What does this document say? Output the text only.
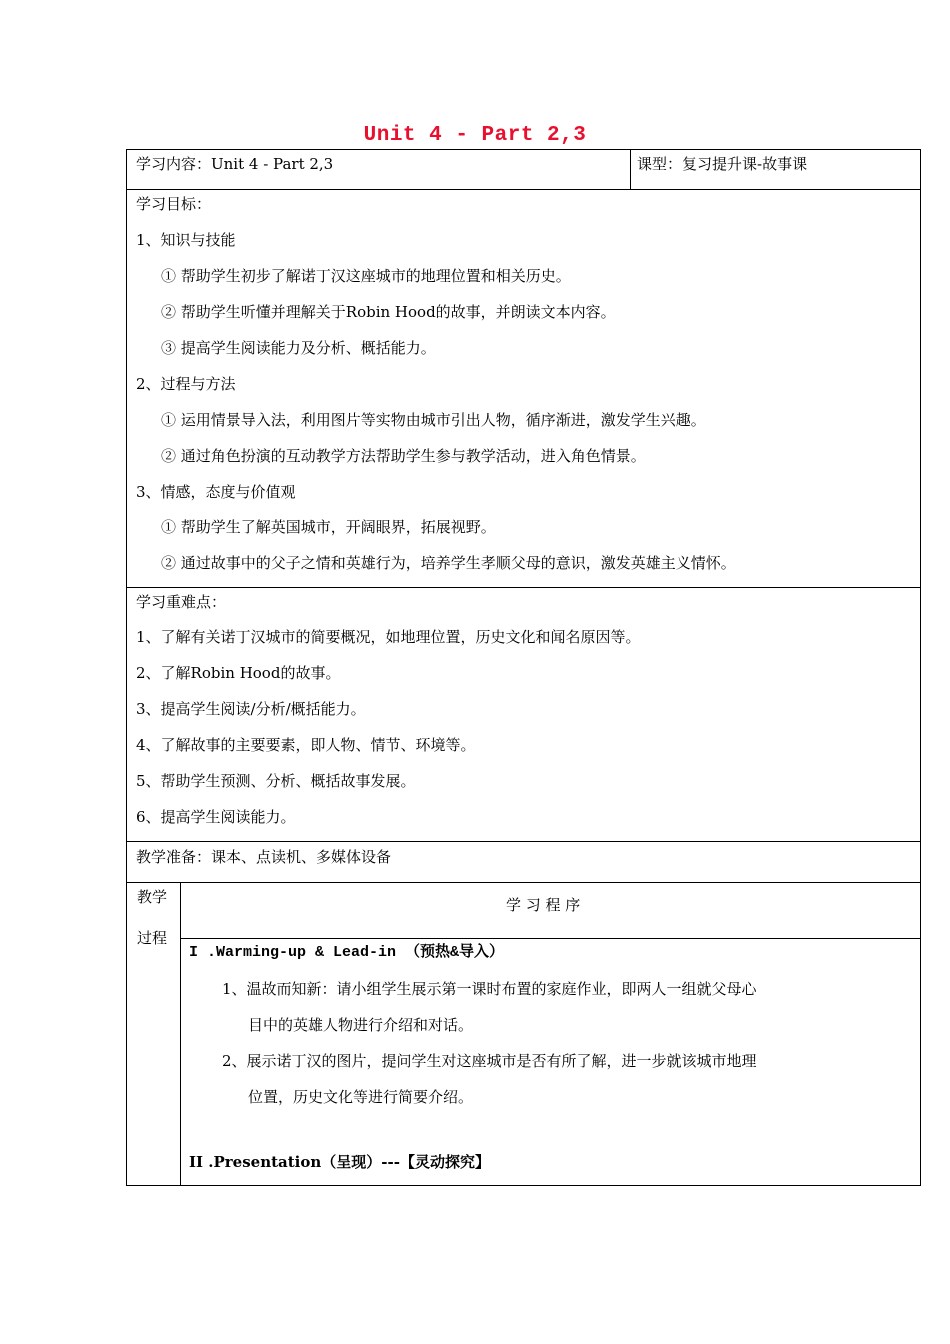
Unit 4 - Part 2,3
学习内容：Unit 4 - Part 2,3	课型：复习提升课-故事课
学习目标：
1、知识与技能
① 帮助学生初步了解诺丁汉这座城市的地理位置和相关历史。
② 帮助学生听懂并理解关于Robin Hood的故事，并朗读文本内容。
③ 提高学生阅读能力及分析、概括能力。
2、过程与方法
① 运用情景导入法，利用图片等实物由城市引出人物，循序渐进，激发学生兴趣。
② 通过角色扮演的互动教学方法帮助学生参与教学活动，进入角色情景。
3、情感，态度与价值观
① 帮助学生了解英国城市，开阔眼界，拓展视野。
② 通过故事中的父子之情和英雄行为，培养学生孝顺父母的意识，激发英雄主义情怀。
学习重难点：
1、了解有关诺丁汉城市的简要概况，如地理位置，历史文化和闻名原因等。
2、了解Robin Hood的故事。
3、提高学生阅读/分析/概括能力。
4、了解故事的主要要素，即人物、情节、环境等。
5、帮助学生预测、分析、概括故事发展。
6、提高学生阅读能力。
教学准备：课本、点读机、多媒体设备
教学
过程
学 习 程 序
I .Warming-up & Lead-in （预热&导入）
1、温故而知新：请小组学生展示第一课时布置的家庭作业，即两人一组就父母心
目中的英雄人物进行介绍和对话。
2、展示诺丁汉的图片，提问学生对这座城市是否有所了解，进一步就该城市地理
位置，历史文化等进行简要介绍。
II .Presentation（呈现）---【灵动探究】
